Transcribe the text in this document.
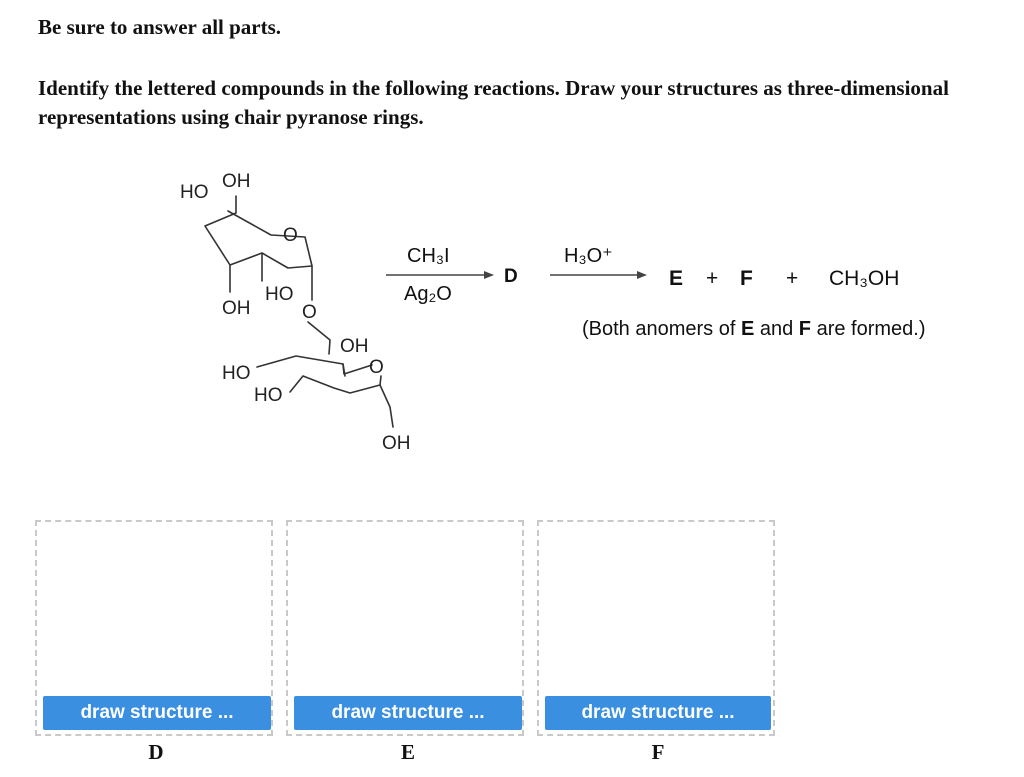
Be sure to answer all parts.
Identify the lettered compounds in the following reactions. Draw your structures as three-dimensional representations using chair pyranose rings.
HO
OH
O
OH
HO
O
OH
O
HO
HO
OH
CH₃I
Ag₂O
D
H₃O⁺
E + F + CH₃OH
(Both anomers of E and F are formed.)
draw structure ...	draw structure ...	draw structure ...
D	E	F
